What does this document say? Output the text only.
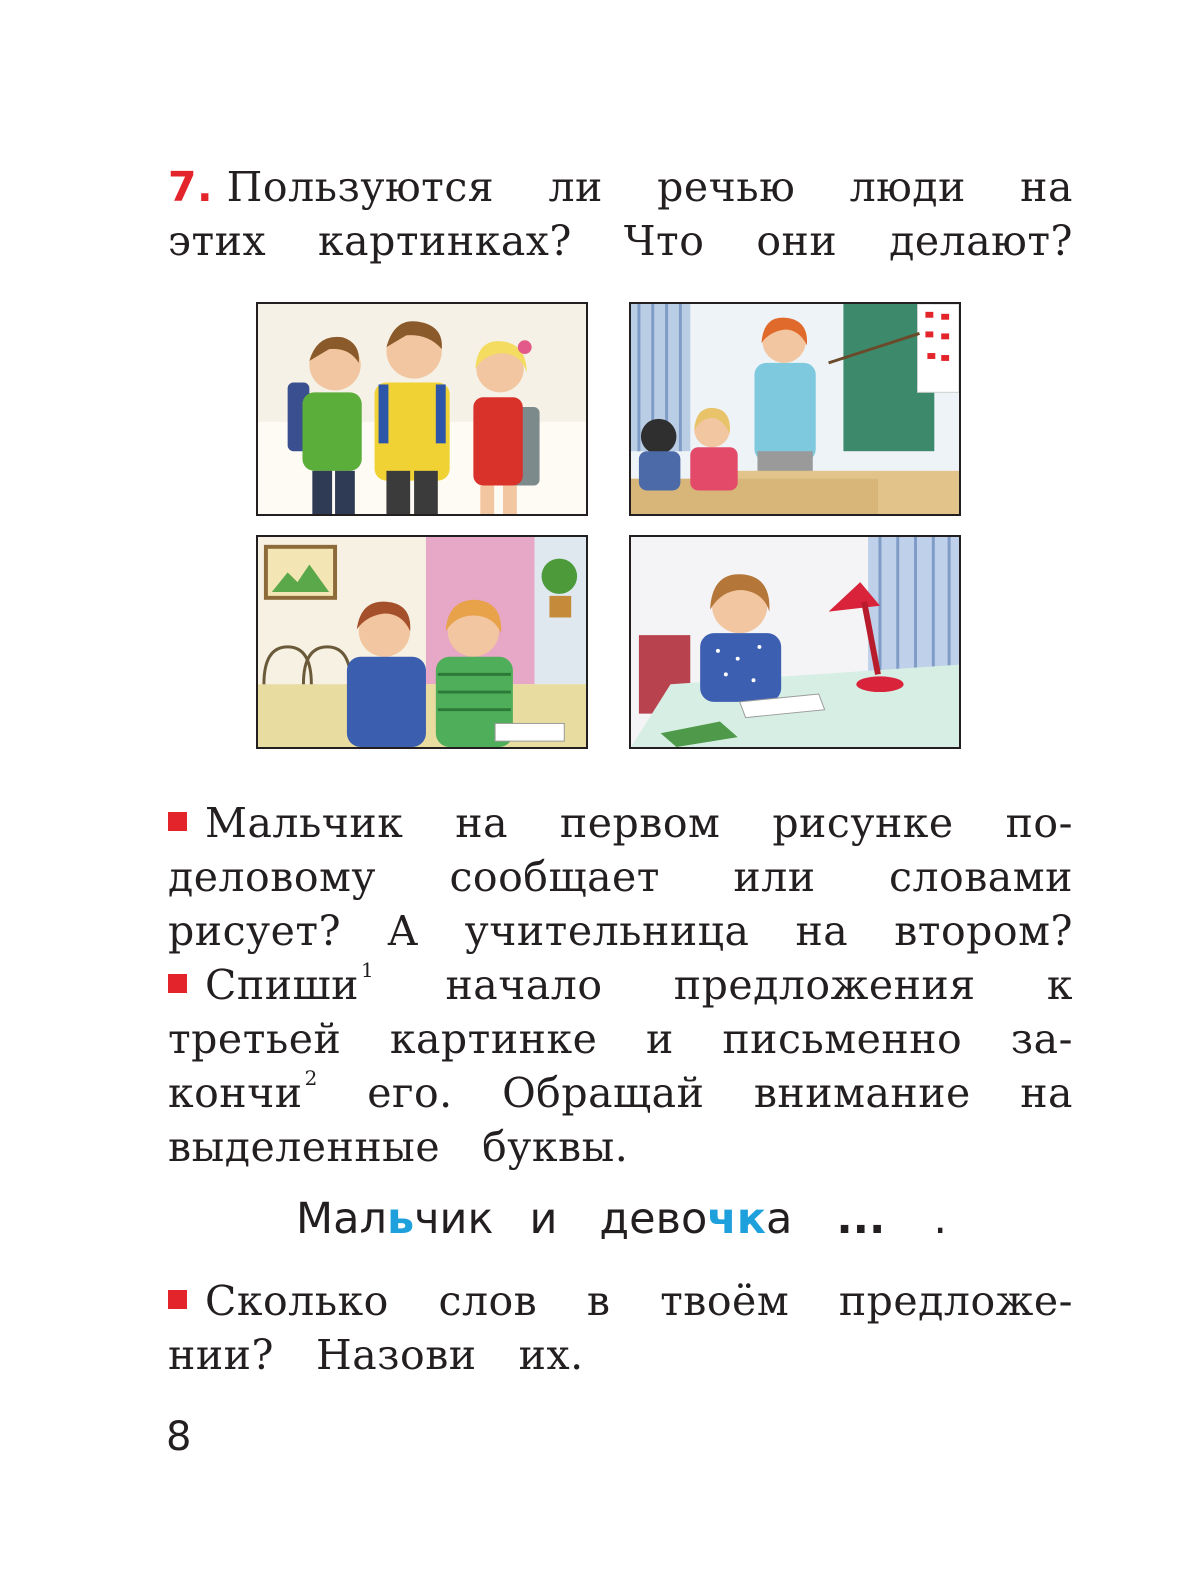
7. Пользуются ли речью люди на
этих картинках? Что они делают?
Мальчик на первом рисунке по-
деловому сообщает или словами
рисует? А учительница на втором?
Спиши $^1$ начало предложения к
третьей картинке и письменно за-
кончи $^2$ его. Обращай внимание на
выделенные буквы.
Мальчик и девочка ... .
Сколько слов в твоём предложе-
нии? Назови их.
8
